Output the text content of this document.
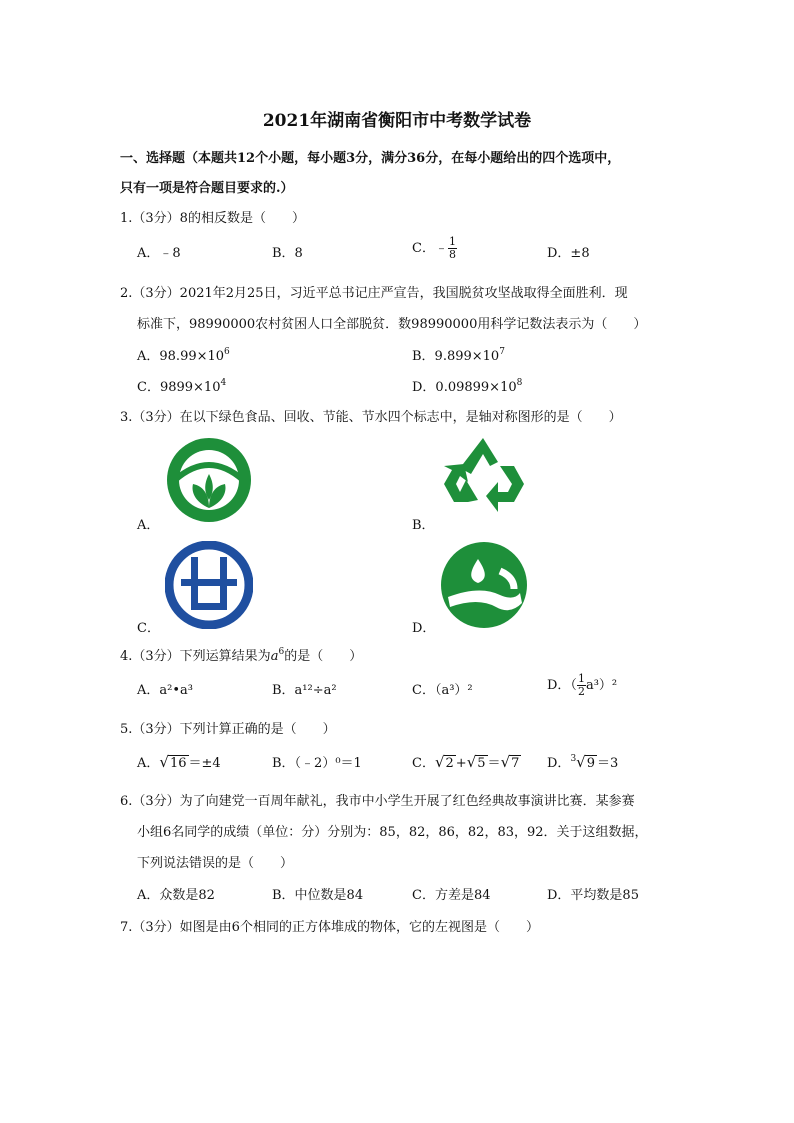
2021年湖南省衡阳市中考数学试卷
一、选择题（本题共12个小题，每小题3分，满分36分，在每小题给出的四个选项中，
只有一项是符合题目要求的.）
1.（3分）8的相反数是（　　）
A．﹣8	B．8	C．﹣ $\frac{1}{8}$	D．±8
2.（3分）2021年2月25日，习近平总书记庄严宣告，我国脱贫攻坚战取得全面胜利．现
标准下，98990000农村贫困人口全部脱贫．数98990000用科学记数法表示为（　　）
A．$98.99\times 10^6$	B．$9.899\times 10^7$
C．$9899\times 10^4$	D．$0.09899\times 10^8$
3.（3分）在以下绿色食品、回收、节能、节水四个标志中，是轴对称图形的是（　　）
A．	B．
C．	D．
4.（3分）下列运算结果为$a^6$的是（　　）
A．a²•a³	B．a¹²÷a²	C．（a³）²	D．（ $\frac{1}{2} a^3)^2$
5.（3分）下列计算正确的是（　　）
A．√16 ＝±4	B．（﹣2）⁰＝1	C．√2 +√5 ＝√7 D．$^3$√9 ＝3
6.（3分）为了向建党一百周年献礼，我市中小学生开展了红色经典故事演讲比赛．某参赛
小组6名同学的成绩（单位：分）分别为：85，82，86，82，83，92．关于这组数据，
下列说法错误的是（　　）
A．众数是82	B．中位数是84	C．方差是84	D．平均数是85
7.（3分）如图是由6个相同的正方体堆成的物体，它的左视图是（　　）
